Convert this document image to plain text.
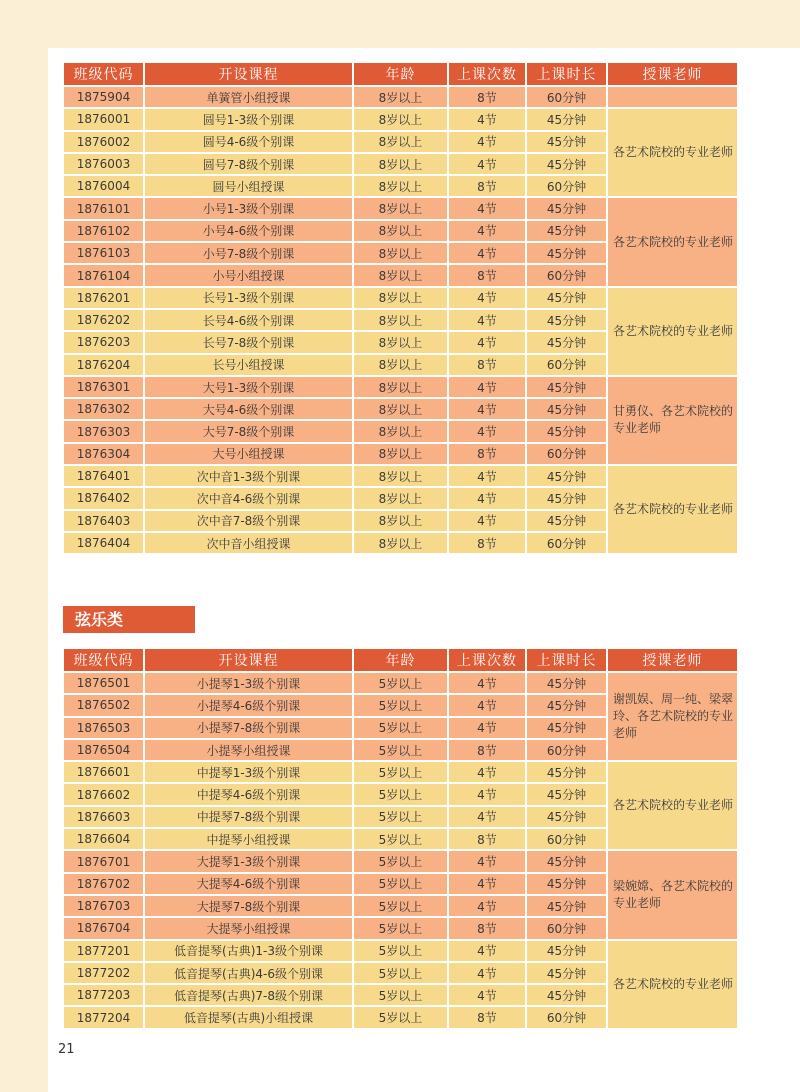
班级代码	开设课程	年龄	上课次数	上课时长	授课老师
1875904	单簧管小组授课	8岁以上	8节	60分钟	
1876001	圆号1-3级个别课	8岁以上	4节	45分钟	各艺术院校的专业老师
1876002	圆号4-6级个别课	8岁以上	4节	45分钟	
1876003	圆号7-8级个别课	8岁以上	4节	45分钟	
1876004	圆号小组授课	8岁以上	8节	60分钟	
1876101	小号1-3级个别课	8岁以上	4节	45分钟	各艺术院校的专业老师
1876102	小号4-6级个别课	8岁以上	4节	45分钟	
1876103	小号7-8级个别课	8岁以上	4节	45分钟	
1876104	小号小组授课	8岁以上	8节	60分钟	
1876201	长号1-3级个别课	8岁以上	4节	45分钟	各艺术院校的专业老师
1876202	长号4-6级个别课	8岁以上	4节	45分钟	
1876203	长号7-8级个别课	8岁以上	4节	45分钟	
1876204	长号小组授课	8岁以上	8节	60分钟	
1876301	大号1-3级个别课	8岁以上	4节	45分钟	甘勇仪、各艺术院校的专业老师
1876302	大号4-6级个别课	8岁以上	4节	45分钟	
1876303	大号7-8级个别课	8岁以上	4节	45分钟	
1876304	大号小组授课	8岁以上	8节	60分钟	
1876401	次中音1-3级个别课	8岁以上	4节	45分钟	各艺术院校的专业老师
1876402	次中音4-6级个别课	8岁以上	4节	45分钟	
1876403	次中音7-8级个别课	8岁以上	4节	45分钟	
1876404	次中音小组授课	8岁以上	8节	60分钟	
弦乐类
班级代码	开设课程	年龄	上课次数	上课时长	授课老师
1876501	小提琴1-3级个别课	5岁以上	4节	45分钟	谢凯娱、周一纯、梁翠玲、各艺术院校的专业老师
1876502	小提琴4-6级个别课	5岁以上	4节	45分钟	
1876503	小提琴7-8级个别课	5岁以上	4节	45分钟	
1876504	小提琴小组授课	5岁以上	8节	60分钟	
1876601	中提琴1-3级个别课	5岁以上	4节	45分钟	各艺术院校的专业老师
1876602	中提琴4-6级个别课	5岁以上	4节	45分钟	
1876603	中提琴7-8级个别课	5岁以上	4节	45分钟	
1876604	中提琴小组授课	5岁以上	8节	60分钟	
1876701	大提琴1-3级个别课	5岁以上	4节	45分钟	梁婉嫦、各艺术院校的专业老师
1876702	大提琴4-6级个别课	5岁以上	4节	45分钟	
1876703	大提琴7-8级个别课	5岁以上	4节	45分钟	
1876704	大提琴小组授课	5岁以上	8节	60分钟	
1877201	低音提琴(古典)1-3级个别课	5岁以上	4节	45分钟	各艺术院校的专业老师
1877202	低音提琴(古典)4-6级个别课	5岁以上	4节	45分钟	
1877203	低音提琴(古典)7-8级个别课	5岁以上	4节	45分钟	
1877204	低音提琴(古典)小组授课	5岁以上	8节	60分钟	
21
